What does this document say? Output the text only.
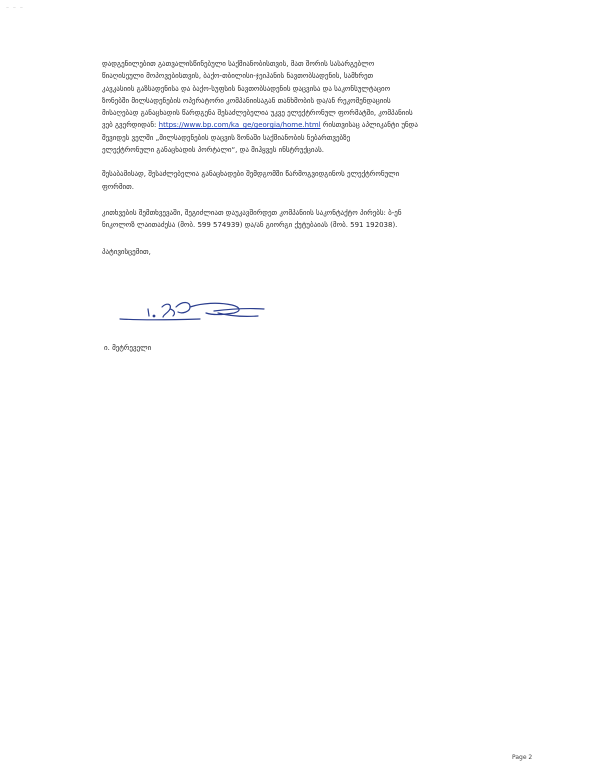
– – –

დადგენილებით გათვალისწინებული საქმიანობისთვის, მათ შორის სასარგებლო
წიაღისეული მოპოვებისთვის, ბაქო-თბილისი-ჯეიჰანის ნავთობსადენის, სამხრეთ
კავკასიის გაზსადენისა და ბაქო-სუფსის ნავთობსადენის დაცვისა და საკონსულტაციო
ზონებში მილსადენების ოპერატორი კომპანიისაგან თანხმობის და/ან რეკომენდაციის
მისაღებად განაცხადის წარდგენა შესაძლებელია უკვე ელექტრონულ ფორმატში, კომპანიის
ვებ გვერდიდან: https://www.bp.com/ka_ge/georgia/home.html რისთვისაც აპლიკანტი უნდა
შევიდეს ველში „მილსადენების დაცვის ზონაში საქმიანობის ნებართვებზე
ელექტრონული განაცხადის პორტალი“, და მიჰყვეს ინსტრუქციას.

შესაბამისად, შესაძლებელია განაცხადები შემდგომში წარმოგვიდგინოს ელექტრონული
ფორმით.

კითხვების შემთხვევაში, შეგიძლიათ დაუკავშირდეთ კომპანიის საკონტაქტო პირებს: ბ-ენ
ნიკოლოზ ლაითაძესა (მობ. 599 574939) და/ან გიორგი ქუტუბაიას (მობ. 591 192038).

პატივისცემით,

ი. მეტრეველი
Page 2
